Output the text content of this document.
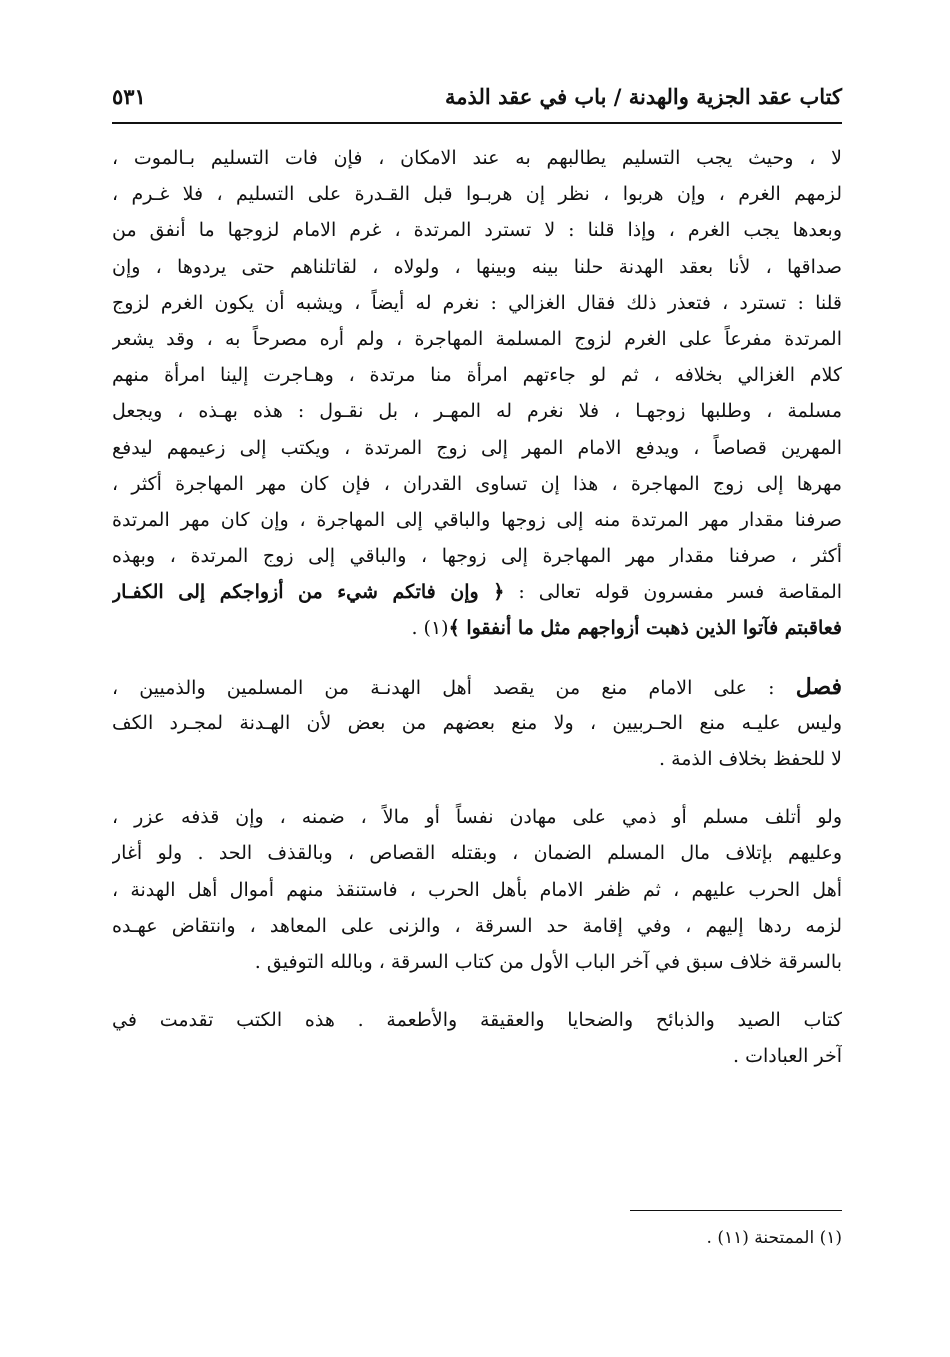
كتاب عقد الجزية والهدنة / باب في عقد الذمة
٥٣١
لا ، وحيث يجب التسليم يطالبهم به عند الامكان ، فإن فات التسليم بـالموت ،
لزمهم الغرم ، وإن هربوا ، نظر إن هربـوا قبل القـدرة على التسليم ، فلا غـرم ،
وبعدها يجب الغرم ، وإذا قلنا : لا تسترد المرتدة ، غرم الامام لزوجها ما أنفق من
صداقها ، لأنا بعقد الهدنة حلنا بينه وبينها ، ولولاه ، لقاتلناهم حتى يردوها ، وإن
قلنا : تسترد ، فتعذر ذلك فقال الغزالي : نغرم له أيضاً ، ويشبه أن يكون الغرم لزوج
المرتدة مفرعاً على الغرم لزوج المسلمة المهاجرة ، ولم أره مصرحاً به ، وقد يشعر
كلام الغزالي بخلافه ، ثم لو جاءتهم امرأة منا مرتدة ، وهـاجرت إلينا امرأة منهم
مسلمة ، وطلبها زوجهـا ، فلا نغرم له المهـر ، بل نقـول : هذه بهـذه ، ويجعل
المهرين قصاصاً ، ويدفع الامام المهر إلى زوج المرتدة ، ويكتب إلى زعيمهم ليدفع
مهرها إلى زوج المهاجرة ، هذا إن تساوى القدران ، فإن كان مهر المهاجرة أكثر ،
صرفنا مقدار مهر المرتدة منه إلى زوجها والباقي إلى المهاجرة ، وإن كان مهر المرتدة
أكثر ، صرفنا مقدار مهر المهاجرة إلى زوجها ، والباقي إلى زوج المرتدة ، وبهذه
المقاصة فسر مفسرون قوله تعالى : ﴿ وإن فاتكم شيء من أزواجكم إلى الكفـار
فعاقبتم فآتوا الذين ذهبت أزواجهم مثل ما أنفقوا ﴾(١) .
فصل : على الامام منع من يقصد أهل الهدنـة من المسلمين والذميين ،
وليس عليـه منع الحـربيين ، ولا منع بعضهم من بعض لأن الهـدنة لمجـرد الكف
لا للحفظ بخلاف الذمة .
ولو أتلف مسلم أو ذمي على مهادن نفساً أو مالاً ، ضمنه ، وإن قذفه عزر ،
وعليهم بإتلاف مال المسلم الضمان ، وبقتله القصاص ، وبالقذف الحد . ولو أغار
أهل الحرب عليهم ، ثم ظفر الامام بأهل الحرب ، فاستنقذ منهم أموال أهل الهدنة ،
لزمه ردها إليهم ، وفي إقامة حد السرقة ، والزنى على المعاهد ، وانتقاض عهـده
بالسرقة خلاف سبق في آخر الباب الأول من كتاب السرقة ، وبالله التوفيق .
كتاب الصيد والذبائح والضحايا والعقيقة والأطعمة . هذه الكتب تقدمت في
آخر العبادات .
(١) الممتحنة (١١) .
